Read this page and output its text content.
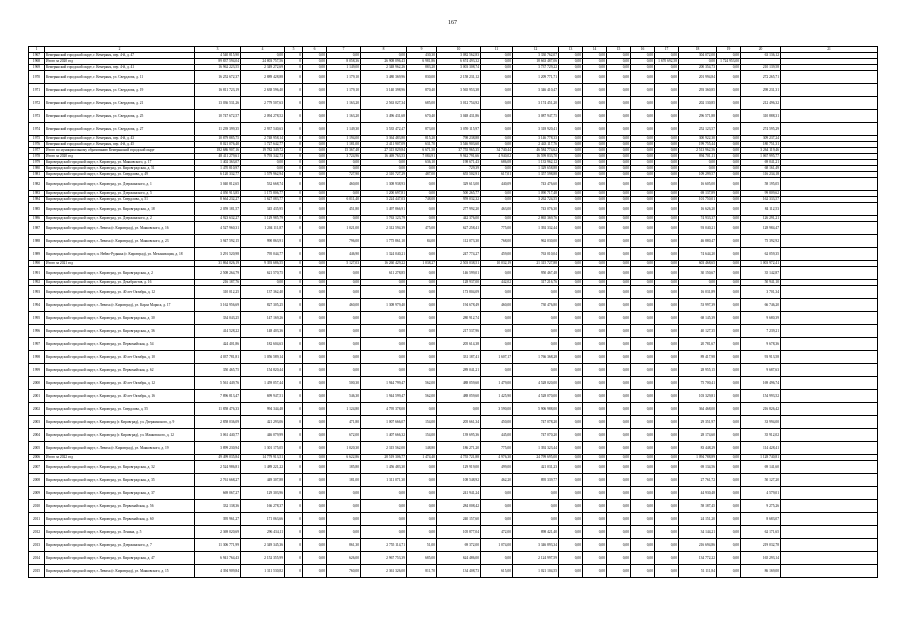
167
1	2	3	4	5	6	7	8	9	10	11	12	13	14	15	16	17	18	19	20	21
1967	Кемерянский городской округ, г. Кемерянъ, пер. 4-й, д. 47	4 540 815,90	0,00	0	0,00	0,00	0,00	430,30	3 082 562,83	0,00	3 330 762,07	0,00	0,00	0,00	0,00	0,00	304 072,00	0,00	63 136,12	
1968	Итого за 2020 год	89 837 594,04	24 803 757,56	0	0,00	8 058,36	26 908 096,43	6 981,86	6 674 493,32	0,00	18 663 487,06	0,00	0,00	0,00	0,00	1 670 692,58	0,00	1 724 953,00		
1969	Кемерянский городской округ, г. Кемерянъ, пер. 4-й, д. 41	16 962 223,55	2 349 272,69	0	0,00	1 149,00	2 348 962,26	883,20	3 003 308,74	0,00	3 737 729,22	0,00	0,00	0,00	0,00	0,00	200 354,73	0,00	210 139,58	
1970	Кемерянский городской округ, г. Кемерянъ, ул. Свердлова, д. 11	16 252 672,37	2 889 428,88	0	0,00	1 179,10	3 480 369,96	830,00	2 158 231,12	0,00	1 209 771,71	0,00	0,00	0,00	0,00	0,00	201 994,84	0,00	272 265,71	
1971	Кемерянский городской округ, г. Кемерянъ, ул. Свердлова, д. 19	16 811 723,19	2 638 596,40	0	0,00	1 179,10	3 140 398,96	870,40	3 565 953,38	0,00	3 346 410,47	0,00	0,00	0,00	0,00	0,00	293 360,85	0,00	298 231,31	
1972	Кемерянский городской округ, г. Кемерянъ, ул. Свердлова, д. 21	13 036 531,26	2 779 507,63	0	0,00	1 163,20	2 563 027,34	685,00	3 012 754,92	0,00	3 174 451,20	0,00	0,00	0,00	0,00	0,00	202 130,85	0,00	212 496,32	
1973	Кемерянский городской округ, г. Кемерянъ, ул. Свердлова, д. 25	10 747 672,57	2 094 278,52	0	0,00	1 163,20	3 496 431,68	670,40	3 048 431,86	0,00	3 087 947,75	0,00	0,00	0,00	0,00	0,00	296 571,88	0,00	310 888,31	
1974	Кемерянский городской округ, г. Кемерянъ, ул. Свердлова, д. 27	11 239 399,35	2 937 540,63	0	0,00	1 149,30	3 535 472,47	873,00	3 059 115,97	0,00	3 318 920,41	0,00	0,00	0,00	0,00	0,00	252 123,57	0,00	274 595,29	
1975	Кемерянский городской округ, г. Кемерянъ, пер. 4-й, д. 43	10 879 885,75	2 748 958,14	0	0,00	1 194,00	3 364 483,80	815,20	798 238,88	0,00	3 146 778,33	0,00	0,00	0,00	0,00	0,00	300 922,30	0,00	309 237,24	
1976	Кемерянский городской округ, г. Кемерянъ, пер. 4-й, д. 45	8 021 076,40	1 727 642,77	0	0,00	1 181,00	2 411 907,09	631,70	3 546 903,60	0,00	2 443 117,76	0,00	0,00	0,00	0,00	0,00	199 755,44	0,00	180 751,31	
1977	Итого по муниципальному образованию Кемерянский городской округ	182 686 907,16	19 782 349,72	0	0,00	15 367,48	27 315 829,84	6 671,50	37 755 965,35	34 740,44	46 584 774,62	0,00	0,00	0,00	0,00	0,00	2 513 962,56	0,00	3 264 119,46	
1978	Итого за 2020 год	48 411 279,61	9 793 342,73	0	0,00	3 724,96	16 469 763,53	7 084,91	9 942 791,66	4 940,02	16 599 833,70	0,00	0,00	0,00	0,00	0,00	894 701,11	0,00	1 067 995,77	
1979	Кировградский городской округ, г. Кировград, ул. Маяковского, д. 17	1 402 363,07	0,00	0	0,00	0,00	0,00	636,10	198 671,43	686,08	1 133 962,12	0,00	0,00	0,00	0,00	0,00	0,00	0,00	69 041,21	
1980	Кировградский городской округ, г. Кировград, ул. Кировградская, д. 51	1 470 810,97	0,00	0	0,00	0,00	0,00	0,00	729,39	0,00	1 329 658,88	0,00	0,00	0,00	0,00	0,00	0,00	0,00	68 161,49	
1981	Кировградский городской округ, г. Кировград, ул. Свердлова, д. 49	6 120 332,77	1 579 962,94	0	0,00	727,90	2 310 727,29	487,00	655 502,91	617,01	1 357 598,88	0,00	0,00	0,00	0,00	0,00	109 299,57	0,00	116 234,18	
1982	Кировградский городской округ, г. Кировград, ул. Дзержинского, д. 1	3 040 812,65	532 668,74	0	0,00	460,00	1 308 938,93	0,00	329 613,00	440,09	743 476,60	0,00	0,00	0,00	0,00	0,00	16 605,00	0,00	58 195,05	
1983	Кировградский городской округ, г. Кировград, ул. Дзержинского, д. 5	4 050 913,85	1 175 806,77	0	0,00	0,00	1 200 697,81	0,00	500 265,77	0,00	1 090 717,48	0,00	0,00	0,00	0,00	0,00	69 137,89	0,00	99 809,62	
1984	Кировградский городской округ, г. Кировград, ул. Свердлова, д. 51	8 664 232,27	1 627 083,77	0	0,00	6 011,40	3 224 447,03	748,00	959 032,32	0,00	3 262 724,55	0,00	0,00	0,00	0,00	0,00	101 750,01	0,00	162 333,57	
1985	Кировградский городской округ, г. Кировград, ул. Кировградская, д. 18	2 059 181,57	345 435,95	0	0,00	451,80	1 497 866,91	0,00	277 992,20	463,00	743 076,30	0,00	0,00	0,00	0,00	0,00	16 626,20	0,00	84 112,53	
1986	Кировградский городской округ, г. Кировград, ул. Дзержинского, д. 2	4 923 632,27	1 129 985,79	0	0,00	0,00	1 763 123,79	0,00	442 376,00	0,00	2 865 369,76	0,00	0,00	0,00	0,00	0,00	74 933,37	0,00	126 291,21	
1987	Кировградский городской округ, г. Левиха (г. Кировград), ул. Маяковского, д. 16	4 527 960,31	1 204 111,87	0	0,00	1 021,00	2 312 594,39	475,00	627 258,41	775,00	1 392 332,44	0,00	0,00	0,00	0,00	0,00	93 040,21	0,00	128 984,47	
1988	Кировградский городской округ, г. Левиха (г. Кировград), ул. Маяковского, д. 23	3 947 592,15	990 863,91	0	0,00	796,00	1 775 861,10	84,00	112 073,30	768,00	962 030,00	0,00	0,00	0,00	0,00	0,00	46 880,47	0,00	75 392,92	
1989	Кировградский городской округ, п. Нейво-Рудянка (г. Кировград), ул. Механизации, д. 18	3 291 520,98	795 044,77	0	0,00	446,90	1 324 040,21	0,00	247 774,27	459,00	763 010,04	0,00	0,00	0,00	0,00	0,00	74 644,20	0,00	62 059,35	
1990	Итого за 2021 год	31 864 026,19	9 393 686,55	0	0,00	5 127,03	16 260 429,22	1 038,27	2 503 038,51	10 032,19	21 315 727,88	0,00	0,00	0,00	0,00	0,00	603 468,65	0,00	1 003 972,41	
1991	Кировградский городской округ, г. Кировград, ул. Кировградская, д. 2	2 508 264,79	621 570,75	0	0,00	0,00	611 278,85	0,00	146 599,01	0,00	950 467,48	0,00	0,00	0,00	0,00	0,00	30 150,67	0,00	35 142,87	
1992	Кировградский городской округ, г. Кировград, ул. Декабристов, д. 16	216 187,76	0,00	0	0,00	0,00	0,00	0,00	128 937,00	442,02	317 216,76	0,00	0,00	0,00	0,00	0,00	0,00	0,00	50 941,10	
1993	Кировградский городской округ, г. Кировград, ул. 40 лет Октября, д. 12	310 012,25	137 362,40	0	0,00	0,00	0,00	0,00	173 804,09	0,00	0,00	0,00	0,00	0,00	0,00	0,00	16 031,89	0,00	3 701,34	
1994	Кировградский городской округ, г. Левиха (г. Кировград), ул. Карла Маркса, д. 17	3 162 956,69	827 305,25	0	0,00	460,00	1 308 979,40	0,00	194 678,49	460,00	730 476,80	0,00	0,00	0,00	0,00	0,00	53 997,39	0,00	66 746,20	
1995	Кировградский городской округ, г. Кировград, ул. Кировградская, д. 30	334 043,25	147 169,26	0	0,00	0,00	0,00	0,00	280 912,74	0,00	0,00	0,00	0,00	0,00	0,00	0,00	68 145,39	0,00	9 680,39	
1996	Кировградский городской округ, г. Кировград, ул. Кировградская, д. 36	414 528,22	148 403,36	0	0,00	0,00	0,00	0,00	217 537,96	0,00	0,00	0,00	0,00	0,00	0,00	0,00	40 127,35	0,00	7 239,21	
1997	Кировградский городской округ, г. Кировград, ул. Первомайская, д. 54	424 401,86	182 604,63	0	0,00	0,00	0,00	0,00	205 614,38	0,00	0,00	0,00	0,00	0,00	0,00	0,00	20 781,67	0,00	9 678,36	
1998	Кировградский городской округ, г. Кировград, ул. 40 лет Октября, д. 10	4 037 781,81	1 056 589,14	0	0,00	0,00	0,00	0,00	331 187,41	1 607,17	1 766 368,28	0,00	0,00	0,00	0,00	0,00	89 417,98	0,00	93 913,58	
1999	Кировградский городской округ, г. Кировград, ул. Первомайская, д. 62	350 465,75	154 820,44	0	0,00	0,00	0,00	0,00	289 041,21	0,00	0,00	0,00	0,00	0,00	0,00	0,00	28 955,15	0,00	9 687,63	
2000	Кировградский городской округ, г. Кировград, ул. 40 лет Октября, д. 12	5 561 449,76	1 459 057,44	0	0,00	500,30	1 944 799,47	562,00	488 059,60	1 479,00	4 528 020,00	0,00	0,00	0,00	0,00	0,00	75 700,41	0,00	169 496,74	
2001	Кировградский городской округ, г. Кировград, ул. 40 лет Октября, д. 16	7 896 813,47	699 947,51	0	0,00	546,30	1 944 599,47	562,00	488 059,60	1 425,90	4 528 070,00	0,00	0,00	0,00	0,00	0,00	103 329,81	0,00	154 993,52	
2002	Кировградский городской округ, г. Кировград, ул. Свердлова, д. 55	11 858 476,33	994 344,48	0	0,00	1 124,80	4 795 378,00	0,00	0,00	3 590,00	5 906 988,00	0,00	0,00	0,00	0,00	0,00	364 468,00	0,00	216 826,42	
2003	Кировградский городской округ, г. Кировград (г. Кировград), ул. Дзержинского, д. 9	2 858 036,09	421 293,06	0	0,00	471,80	1 007 666,07	154,00	205 661,34	450,00	747 078,20	0,00	0,00	0,00	0,00	0,00	29 351,97	0,00	33 994,00	
2004	Кировградский городской округ, г. Кировград (г. Кировград), ул. Маяковского, д. 12	3 061 440,77	446 079,99	0	0,00	672,00	1 407 666,32	154,00	139 695,36	445,00	747 070,20	0,00	0,00	0,00	0,00	0,00	28 174,60	0,00	35 912,02	
2005	Кировградский городской округ, г. Левиха (г. Кировград), ул. Маяковского, д. 19	3 899 230,94	1 301 175,05	0	0,00	1 020,30	2 315 562,00	148,80	186 271,20	775,00	1 392 323,44	0,00	0,00	0,00	0,00	0,00	83 448,29	0,00	114 428,41	
2006	Итого за 2022 год	49 499 035,84	14 779 913,51	0	0,00	6 622,86	28 519 306,77	1 474,40	4 755 721,88	4 976,30	24 799 695,00	0,00	0,00	0,00	0,00	0,00	1 094 788,89	0,00	1 128 740,81	
2007	Кировградский городской округ, г. Кировград, ул. Кировградская, д. 32	2 524 986,81	1 489 221,22	0	0,00	185,80	1 456 483,30	0,00	129 919,00	499,00	421 031,23	0,00	0,00	0,00	0,00	0,00	69 134,56	0,00	69 141,60	
2008	Кировградский городской округ, г. Кировград, ул. Кировградская, д. 35	2 761 668,27	449 307,88	0	0,00	181,00	1 311 071,30	0,00	108 548,92	462,20	895 339,77	0,00	0,00	0,00	0,00	0,00	27 761,72	0,00	50 127,20	
2009	Кировградский городской округ, г. Кировград, ул. Кировградская, д. 37	669 067,27	129 303,96	0	0,00	0,00	0,00	0,00	241 941,24	0,00	0,00	0,00	0,00	0,00	0,00	0,00	44 930,48	0,00	4 579,01	
2010	Кировградский городской округ, г. Кировград, ул. Первомайская, д. 56	332 138,36	166 278,37	0	0,00	0,00	0,00	0,00	284 008,42	0,00	0,00	0,00	0,00	0,00	0,00	0,00	58 187,45	0,00	9 275,26	
2011	Кировградский городской округ, г. Кировград, ул. Первомайская, д. 60	395 961,27	171 063,66	0	0,00	0,00	0,00	0,00	240 157,60	0,00	0,00	0,00	0,00	0,00	0,00	0,00	24 151,20	0,00	8 683,07	
2012	Кировградский городской округ, г. Кировград, ул. Ленина, д. 5	2 369 020,69	296 434,11	0	0,00	0,00	0,00	0,00	105 877,04	472,00	898 421,40	0,00	0,00	0,00	0,00	0,00	34 144,21	0,00	62 171,65	
2013	Кировградский городской округ, г. Кировград, ул. Дзержинского, д. 7	11 306 771,99	2 349 345,36	0	0,00	861,30	2 755 114,71	51,00	69 372,00	1 074,00	3 346 893,34	0,00	0,00	0,00	0,00	0,00	216 694,86	0,00	219 032,78	
2014	Кировградский городской округ, г. Кировград, ул. Кировградская, д. 47	6 941 764,43	2 152 355,99	0	0,00	626,00	2 967 753,39	685,00	624 486,00	0,00	2 124 997,59	0,00	0,00	0,00	0,00	0,00	134 772,22	0,00	165 293,14	
2015	Кировградский городской округ, г. Левиха (г. Кировград), ул. Маяковского, д. 15	4 394 909,84	1 311 530,82	0	0,00	760,00	2 361 326,00	811,70	134 408,73	615,00	1 021 104,55	0,00	0,00	0,00	0,00	0,00	51 111,84	0,00	86 169,00	
